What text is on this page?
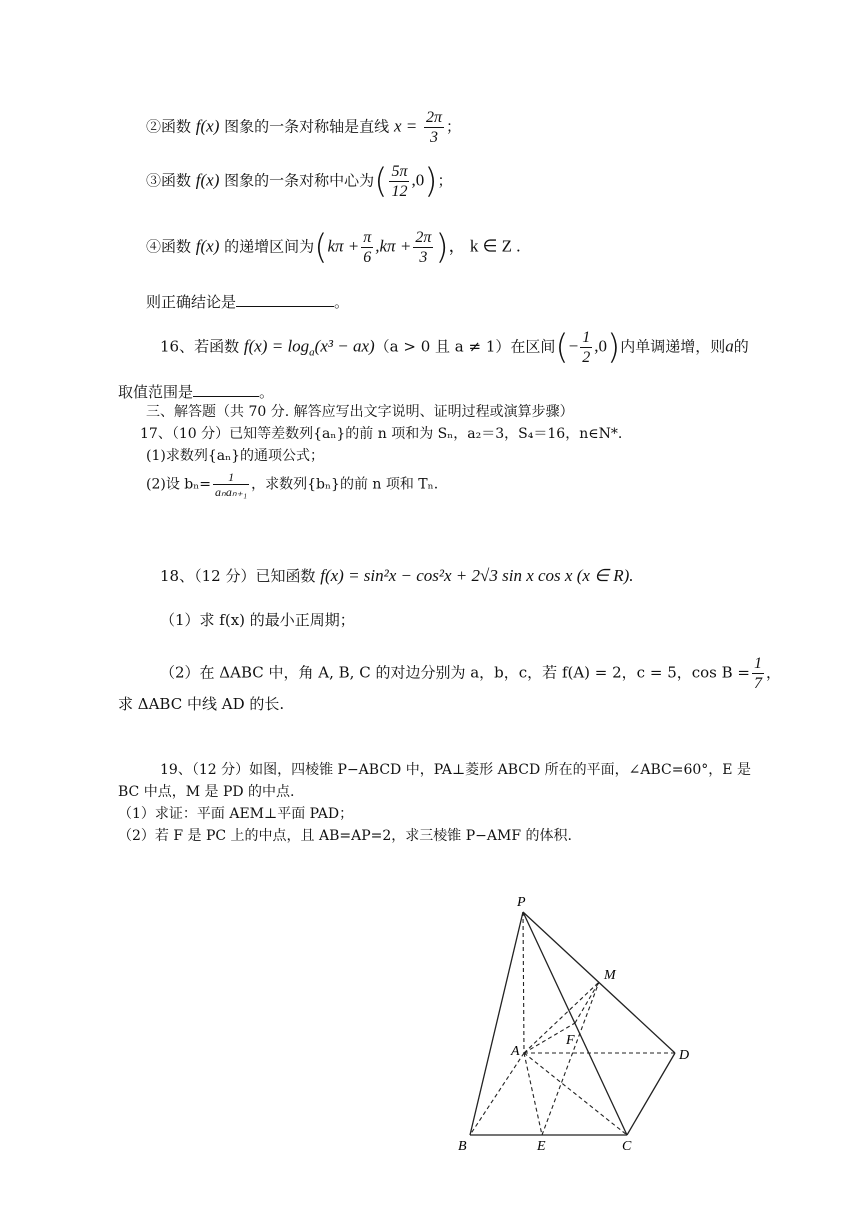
②函数 f(x) 图象的一条对称轴是直线 $x = \frac{2\pi}{3}$ ；
③函数 f(x) 图象的一条对称中心为( $\frac{5\pi}{12} ,0$)；
④函数 f(x) 的递增区间为($k\pi + \frac{\pi}{6} ,k\pi + \frac{2\pi}{3}$ )， k ∈ Z .
则正确结论是	。
16、若函数 $f(x) = \log_a(x^3 - ax)(a > 0$ 且 a ≠ 1）在区间(− $\frac{1}{2} ,0$)内单调递增，则a的
取值范围是	。
三、解答题（共 70 分. 解答应写出文字说明、证明过程或演算步骤）
17、（10 分）已知等差数列{aₙ}的前 n 项和为 Sₙ，a₂＝3，S₄＝16，n∈N*.
(1)求数列{aₙ}的通项公式；
(2)设 $b_n= \frac{1}{\text{aₙaₙ₊₁}}$ ，求数列{bₙ}的前 n 项和 Tₙ.
18、（12 分）已知函数 f(x) = sin²x − cos²x + 2√3 sin x cos x (x ∈ R).
（1）求 f(x) 的最小正周期；
（2）在 ΔABC 中，角 A, B, C 的对边分别为 a，b，c，若 f(A) = 2，c = 5，$\cos B = \frac{1}{7}$ ，
求 ΔABC 中线 AD 的长.
19、（12 分）如图，四棱锥 P−ABCD 中，PA⊥菱形 ABCD 所在的平面，∠ABC=60°，E 是
BC 中点，M 是 PD 的中点.
（1）求证：平面 AEM⊥平面 PAD；
（2）若 F 是 PC 上的中点，且 AB=AP=2，求三棱锥 P−AMF 的体积.
P
M
A
F
D
B	E	C
